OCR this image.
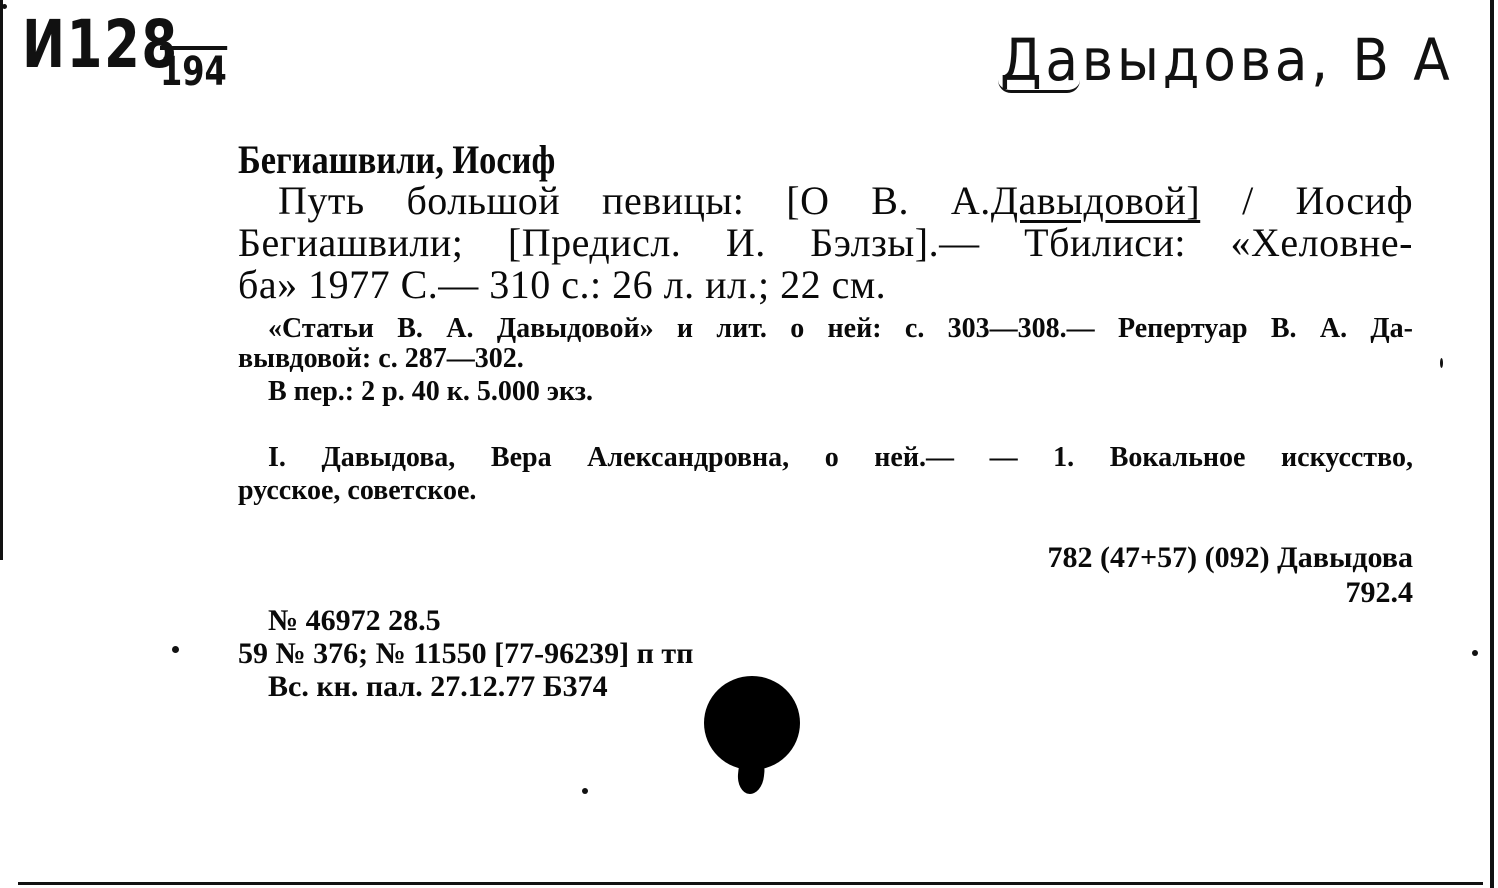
И128
194	Давыдова, В А
Бегиашвили, Иосиф
Путь большой певицы: [О В. А.Давыдовой] / Иосиф
Бегиашвили; [Предисл. И. Бэлзы].— Тбилиси: «Хеловне-
ба» 1977 С.— 310 с.: 26 л. ил.; 22 см.
«Статьи В. А. Давыдовой» и лит. о ней: с. 303—308.— Репертуар В. А. Да-
вывдовой: с. 287—302.
В пер.: 2 р. 40 к. 5.000 экз.
I. Давыдова, Вера Александровна, о ней.— — 1. Вокальное искусство,
русское, советское.
782 (47+57) (092) Давыдова
792.4
№ 46972 28.5
59 № 376; № 11550 [77-96239] п тп
Вс. кн. пал. 27.12.77 Б374
